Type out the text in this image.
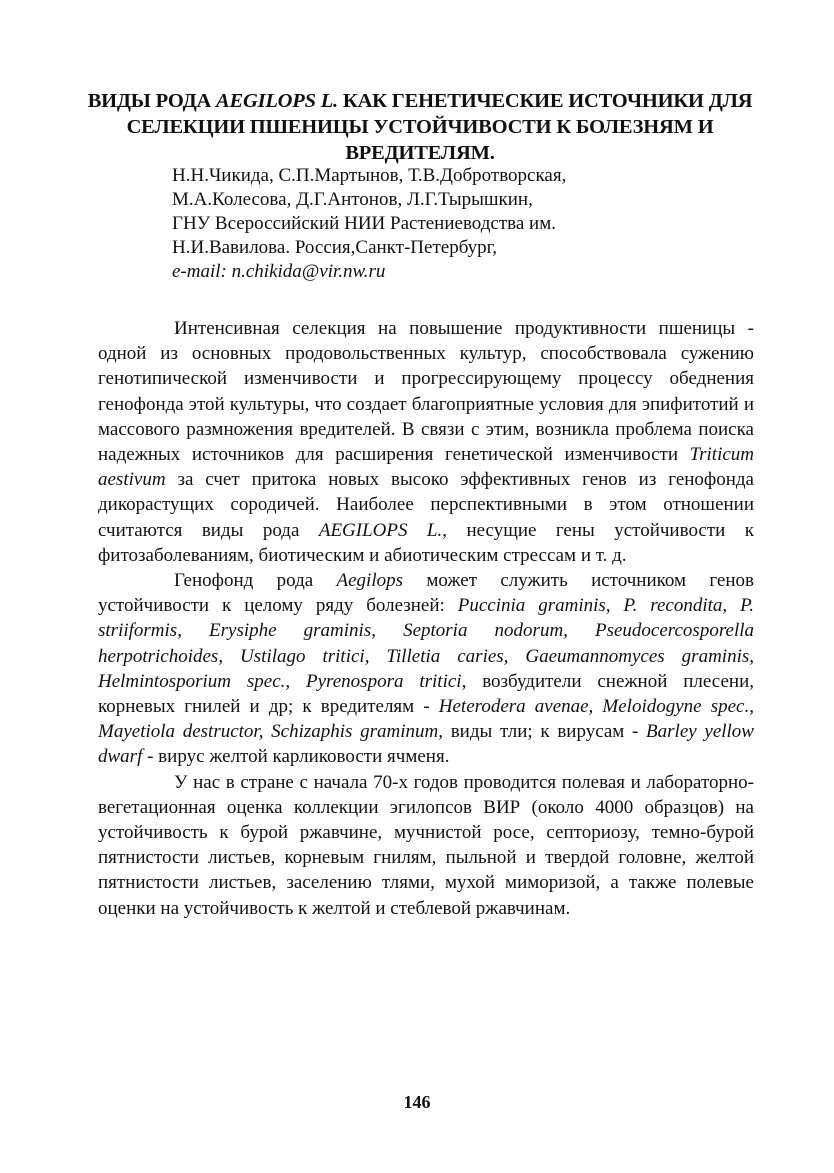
ВИДЫ РОДА AEGILOPS L. КАК ГЕНЕТИЧЕСКИЕ ИСТОЧНИКИ ДЛЯ СЕЛЕКЦИИ ПШЕНИЦЫ УСТОЙЧИВОСТИ К БОЛЕЗНЯМ И ВРЕДИТЕЛЯМ.
Н.Н.Чикида, С.П.Мартынов, Т.В.Добротворская,
М.А.Колесова, Д.Г.Антонов, Л.Г.Тырышкин,
ГНУ Всероссийский НИИ Растениеводства им.
Н.И.Вавилова. Россия,Санкт-Петербург,
e-mail: n.chikida@vir.nw.ru

Интенсивная селекция на повышение продуктивности пшеницы - одной из основных продовольственных культур, способствовала сужению генотипической изменчивости и прогрессирующему процессу обеднения генофонда этой культуры, что создает благоприятные условия для эпифитотий и массового размножения вредителей. В связи с этим, возникла проблема поиска надежных источников для расширения генетической изменчивости Triticum aestivum за счет притока новых высоко эффективных генов из генофонда дикорастущих сородичей. Наиболее перспективными в этом отношении считаются виды рода AEGILOPS L., несущие гены устойчивости к фитозаболеваниям, биотическим и абиотическим стрессам и т. д.

Генофонд рода Aegilops может служить источником генов устойчивости к целому ряду болезней: Puccinia graminis, P. recondita, P. striiformis, Erysiphe graminis, Septoria nodorum, Pseudocercosporella herpotrichoides, Ustilago tritici, Tilletia caries, Gaeumannomyces graminis, Helmintosporium spec., Pyrenospora tritici, возбудители снежной плесени, корневых гнилей и др; к вредителям - Heterodera avenae, Meloidogyne spec., Mayetiola destructor, Schizaphis graminum, виды тли; к вирусам - Barley yellow dwarf - вирус желтой карликовости ячменя.

У нас в стране с начала 70-х годов проводится полевая и лабораторно-вегетационная оценка коллекции эгилопсов ВИР (около 4000 образцов) на устойчивость к бурой ржавчине, мучнистой росе, септориозу, темно-бурой пятнистости листьев, корневым гнилям, пыльной и твердой головне, желтой пятнистости листьев, заселению тлями, мухой мимоpизой, а также полевые оценки на устойчивость к желтой и стеблевой ржавчинам.

146
